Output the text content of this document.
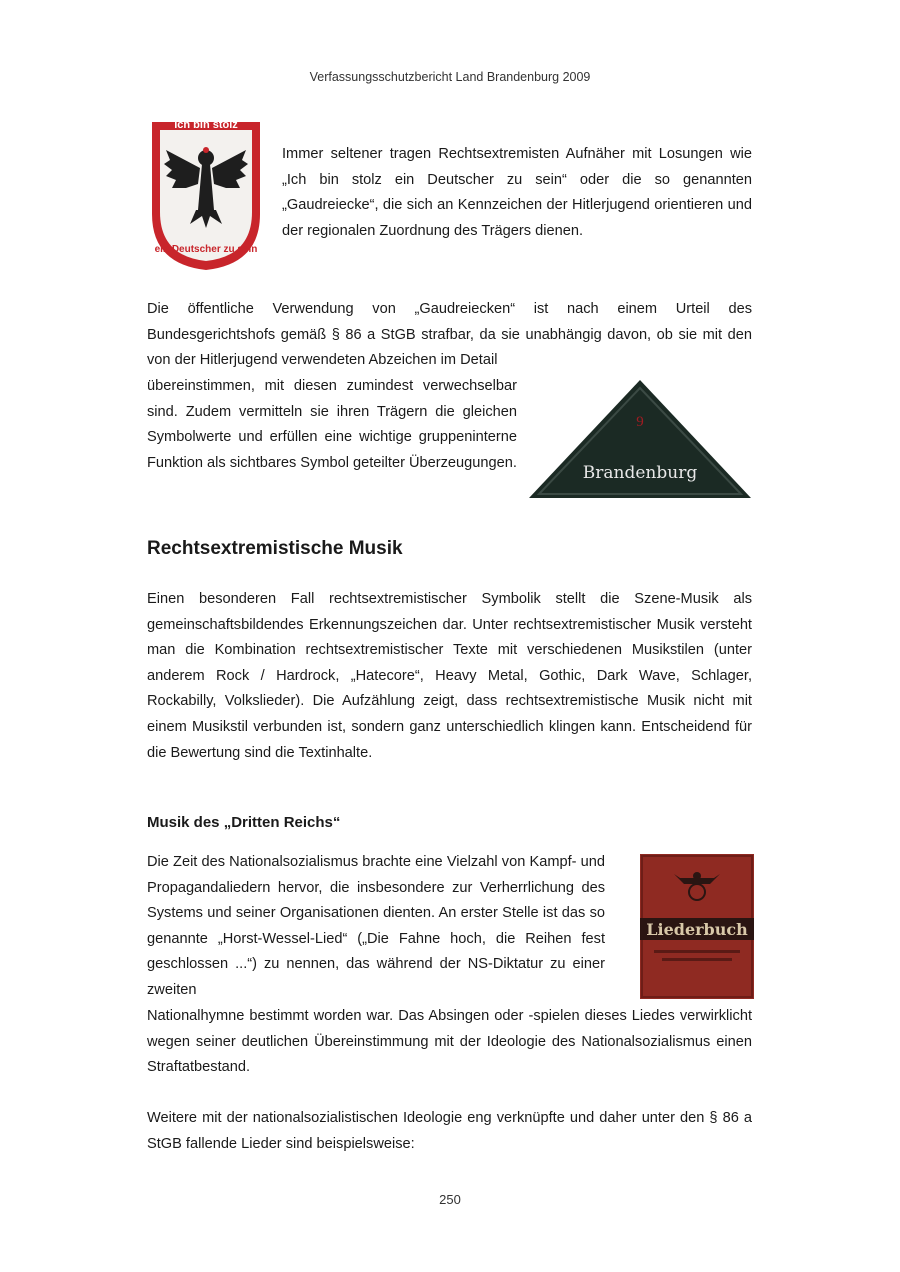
Verfassungsschutzbericht Land Brandenburg 2009
Ich bin stolz
ein Deutscher zu sein

Immer seltener tragen Rechtsextremisten Aufnäher mit Losungen wie „Ich bin stolz ein Deutscher zu sein“ oder die so genannten „Gaudreiecke“, die sich an Kennzeichen der Hitlerjugend orientieren und der regionalen Zuordnung des Trägers dienen.

Die öffentliche Verwendung von „Gaudreiecken“ ist nach einem Urteil des Bundesgerichtshofs gemäß § 86 a StGB strafbar, da sie unabhängig davon, ob sie mit den von der Hitlerjugend verwendeten Abzeichen im Detail

übereinstimmen, mit diesen zumindest verwechselbar sind. Zudem vermitteln sie ihren Trägern die gleichen Symbolwerte und erfüllen eine wichtige gruppeninterne Funktion als sichtbares Symbol geteilter Überzeugungen.

9
Brandenburg
Rechtsextremistische Musik

Einen besonderen Fall rechtsextremistischer Symbolik stellt die Szene-Musik als gemeinschaftsbildendes Erkennungszeichen dar. Unter rechtsextremistischer Musik versteht man die Kombination rechtsextremistischer Texte mit verschiedenen Musikstilen (unter anderem Rock / Hardrock, „Hatecore“, Heavy Metal, Gothic, Dark Wave, Schlager, Rockabilly, Volkslieder). Die Aufzählung zeigt, dass rechtsextremistische Musik nicht mit einem Musikstil verbunden ist, sondern ganz unterschiedlich klingen kann. Entscheidend für die Bewertung sind die Textinhalte.

Musik des „Dritten Reichs“

Die Zeit des Nationalsozialismus brachte eine Vielzahl von Kampf- und Propagandaliedern hervor, die insbesondere zur Verherrlichung des Systems und seiner Organisationen dienten. An erster Stelle ist das so genannte „Horst-Wessel-Lied“ („Die Fahne hoch, die Reihen fest geschlossen ...“) zu nennen, das während der NS-Diktatur zu einer zweiten

Liederbuch

Nationalhymne bestimmt worden war. Das Absingen oder -spielen dieses Liedes verwirklicht wegen seiner deutlichen Übereinstimmung mit der Ideologie des Nationalsozialismus einen Straftatbestand.

Weitere mit der nationalsozialistischen Ideologie eng verknüpfte und daher unter den § 86 a StGB fallende Lieder sind beispielsweise:

250
